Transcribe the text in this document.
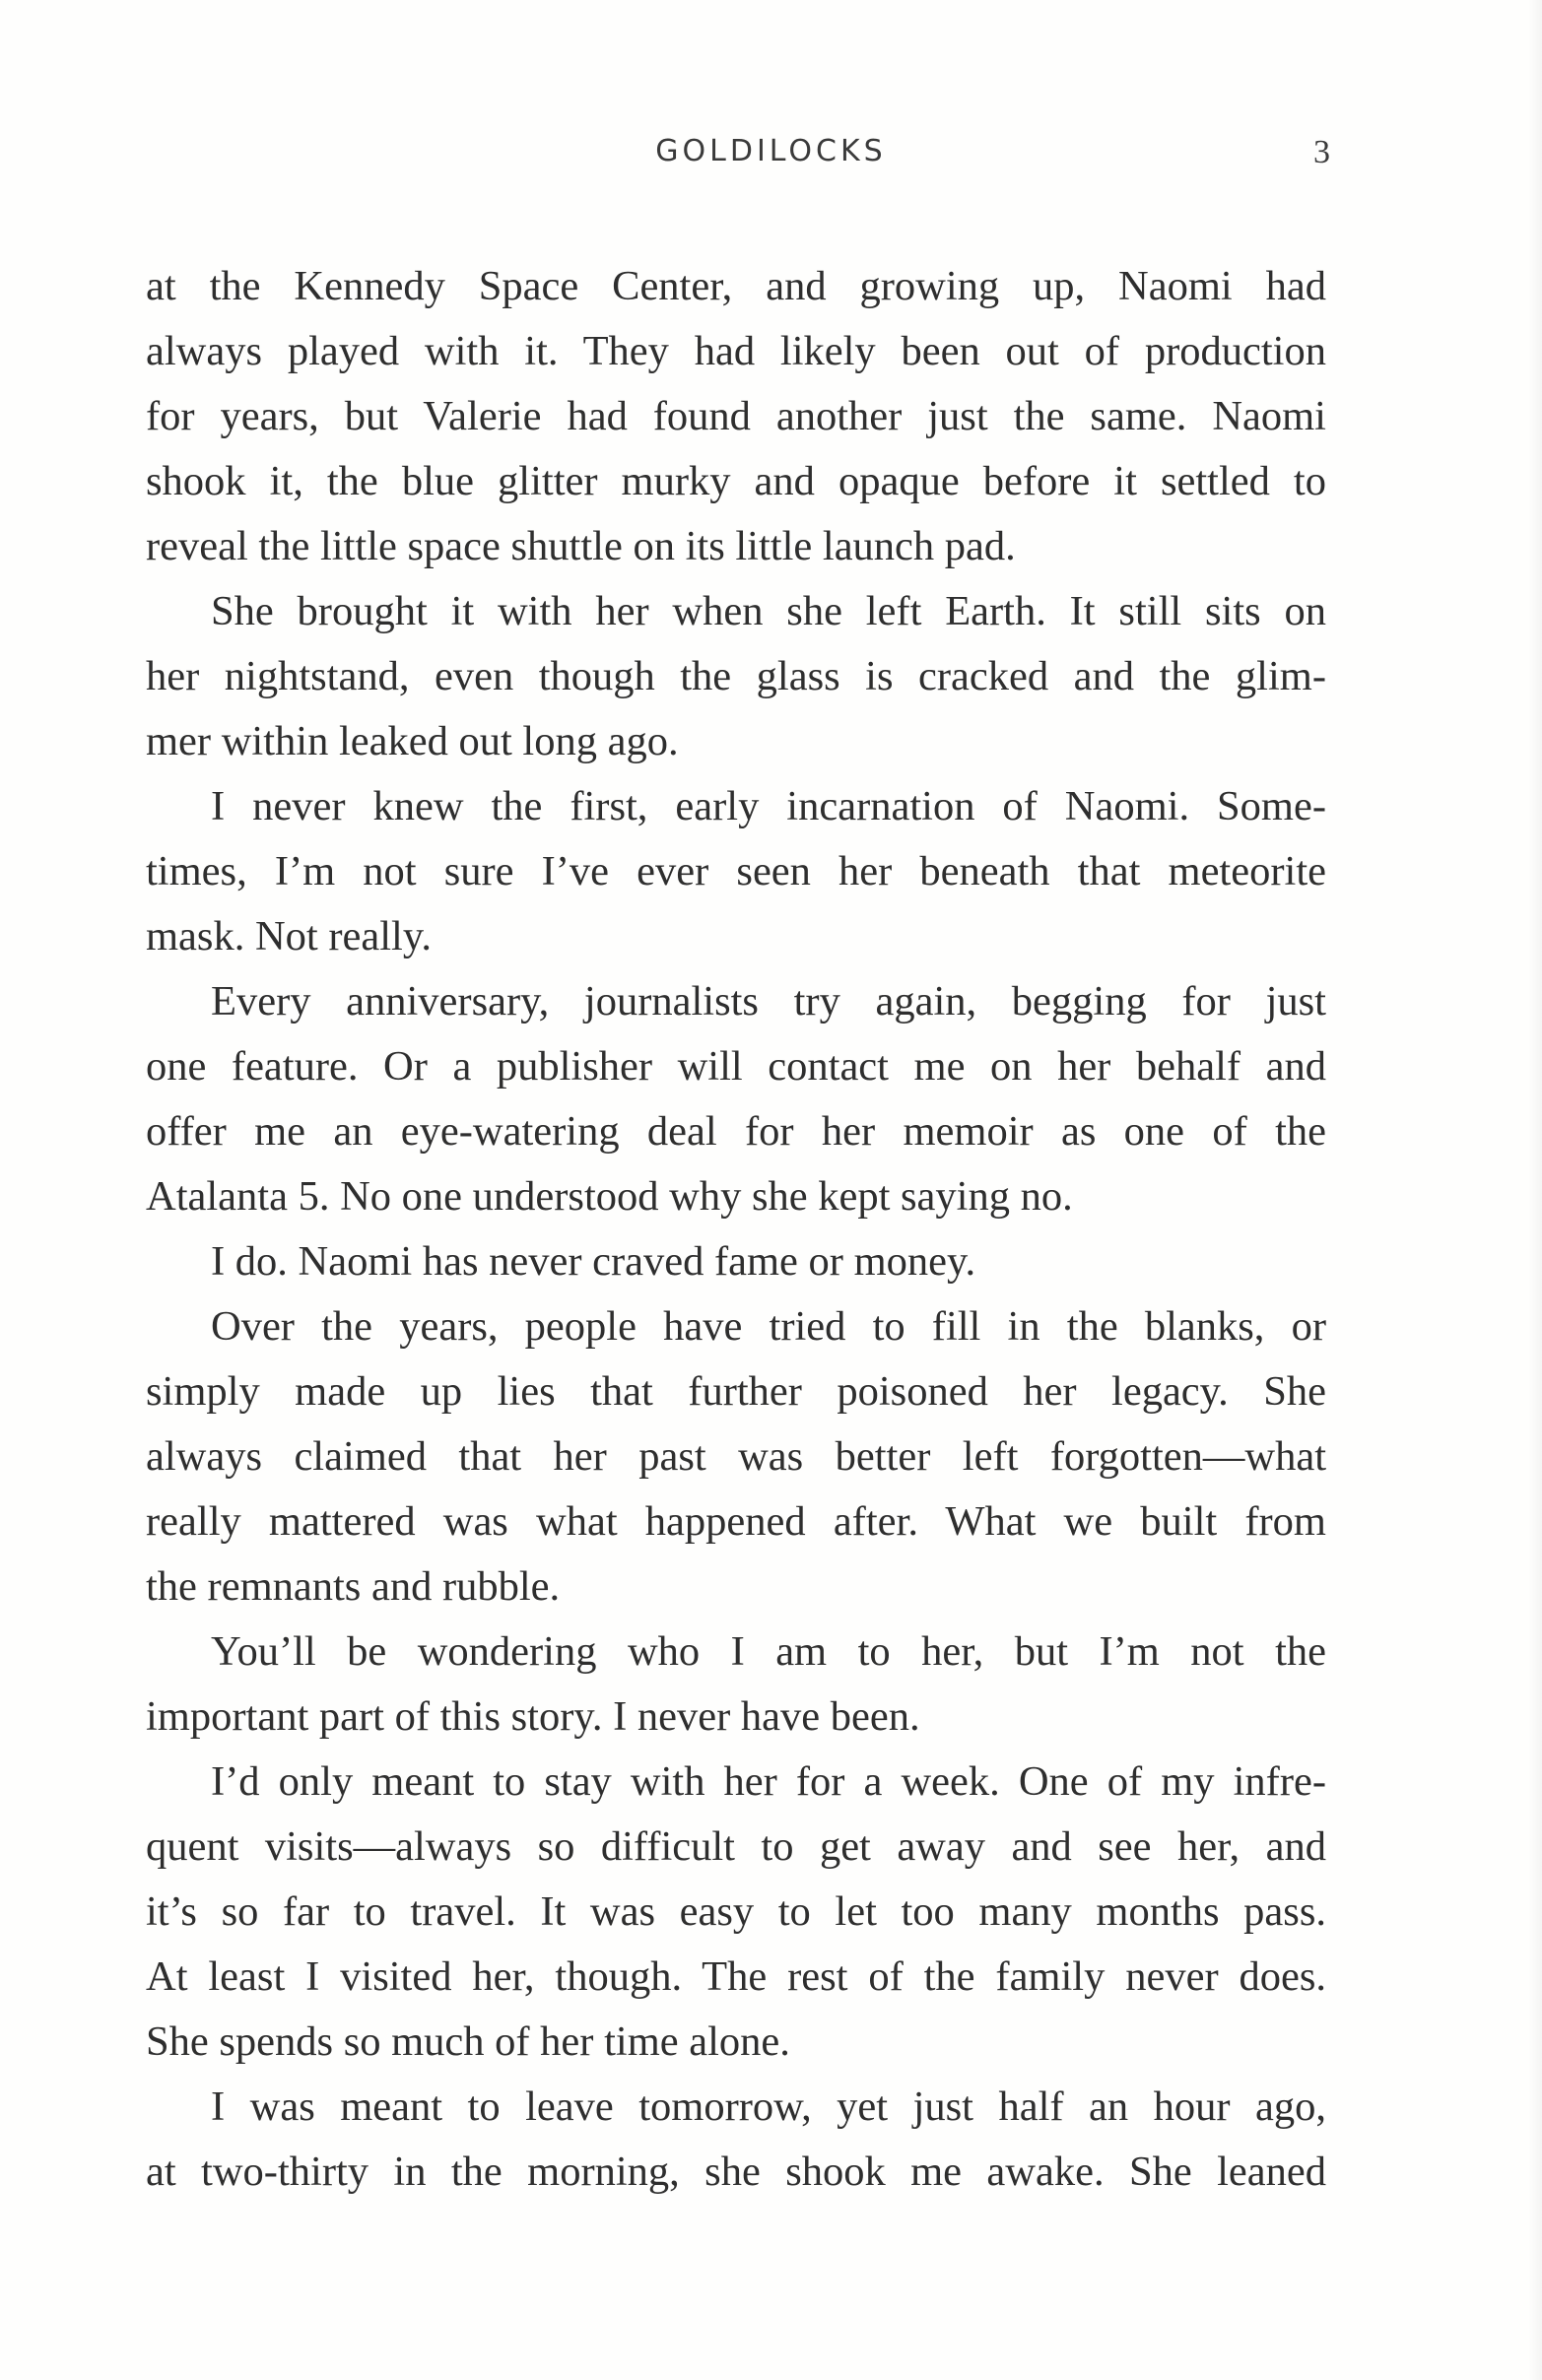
GOLDILOCKS	3
at the Kennedy Space Center, and growing up, Naomi had
always played with it. They had likely been out of production
for years, but Valerie had found another just the same. Naomi
shook it, the blue glitter murky and opaque before it settled to
reveal the little space shuttle on its little launch pad.
She brought it with her when she left Earth. It still sits on
her nightstand, even though the glass is cracked and the glim-
mer within leaked out long ago.
I never knew the first, early incarnation of Naomi. Some-
times, I’m not sure I’ve ever seen her beneath that meteorite
mask. Not really.
Every anniversary, journalists try again, begging for just
one feature. Or a publisher will contact me on her behalf and
offer me an eye-watering deal for her memoir as one of the
Atalanta 5. No one understood why she kept saying no.
I do. Naomi has never craved fame or money.
Over the years, people have tried to fill in the blanks, or
simply made up lies that further poisoned her legacy. She
always claimed that her past was better left forgotten—what
really mattered was what happened after. What we built from
the remnants and rubble.
You’ll be wondering who I am to her, but I’m not the
important part of this story. I never have been.
I’d only meant to stay with her for a week. One of my infre-
quent visits—always so difficult to get away and see her, and
it’s so far to travel. It was easy to let too many months pass.
At least I visited her, though. The rest of the family never does.
She spends so much of her time alone.
I was meant to leave tomorrow, yet just half an hour ago,
at two-thirty in the morning, she shook me awake. She leaned
